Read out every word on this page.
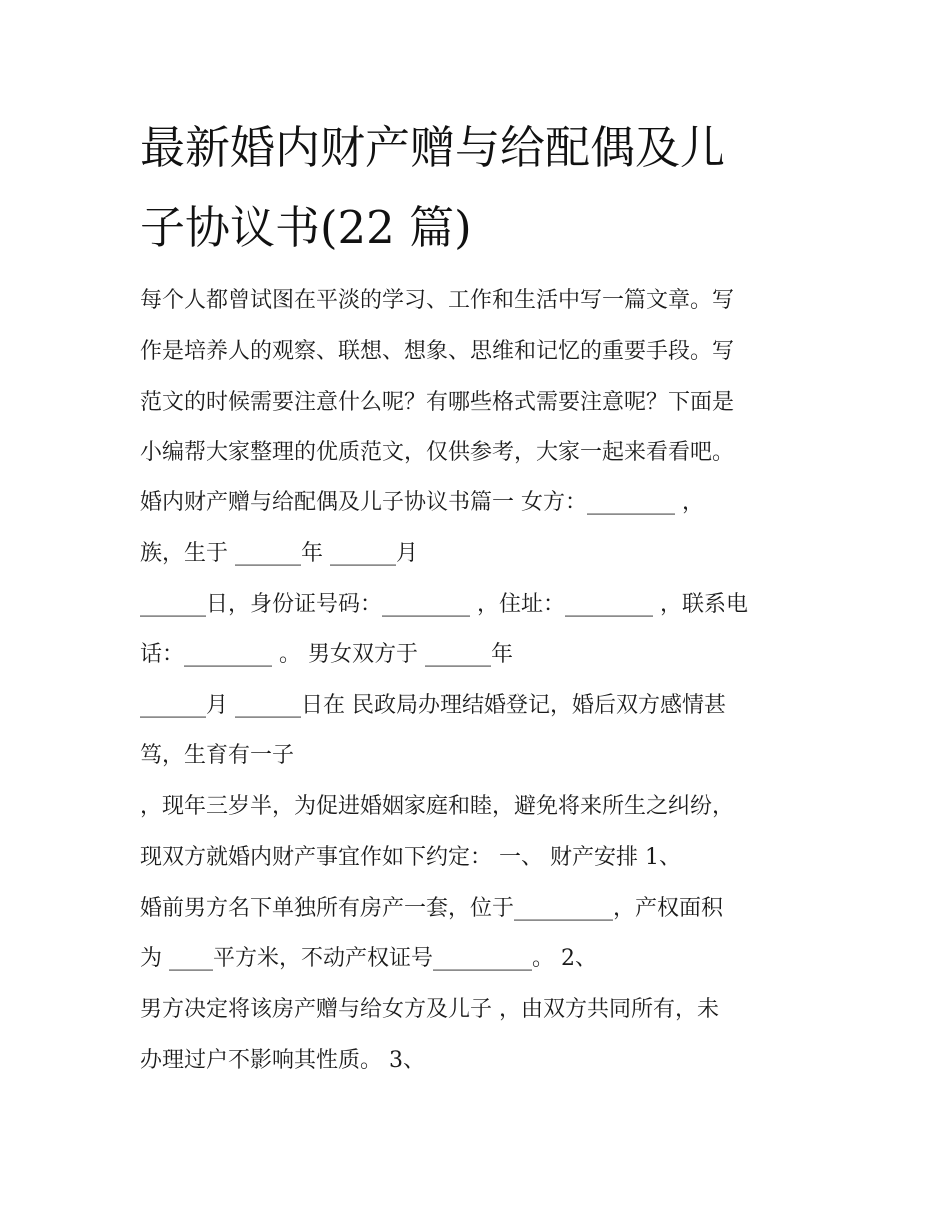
最新婚内财产赠与给配偶及儿
子协议书(22 篇)
每个人都曾试图在平淡的学习、工作和生活中写一篇文章。写
作是培养人的观察、联想、想象、思维和记忆的重要手段。写
范文的时候需要注意什么呢？有哪些格式需要注意呢？下面是
小编帮大家整理的优质范文，仅供参考，大家一起来看看吧。
婚内财产赠与给配偶及儿子协议书篇一 女方：________ ，
族，生于 ______年 ______月
______日，身份证号码：________ ，住址：________ ，联系电
话：________ 。 男女双方于 ______年
______月 ______日在 民政局办理结婚登记，婚后双方感情甚
笃，生育有一子
，现年三岁半，为促进婚姻家庭和睦，避免将来所生之纠纷，
现双方就婚内财产事宜作如下约定： 一、 财产安排 1、
婚前男方名下单独所有房产一套，位于_________，产权面积
为 ____平方米，不动产权证号_________。 2、
男方决定将该房产赠与给女方及儿子 ，由双方共同所有，未
办理过户不影响其性质。 3、
